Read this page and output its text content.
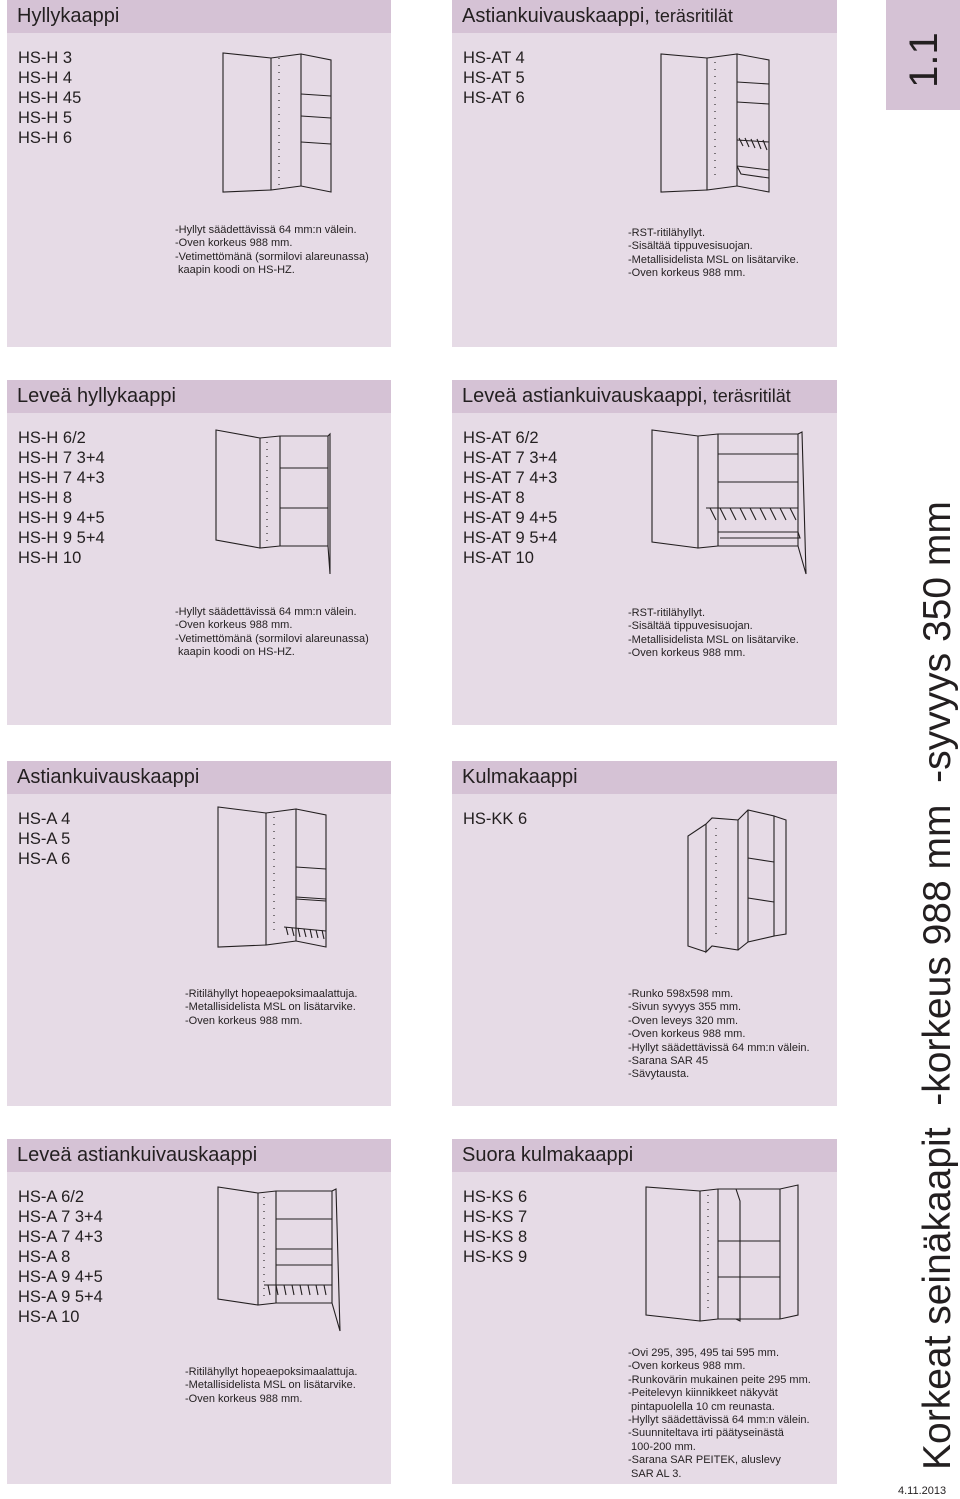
Hyllykaappi
HS-H 3
HS-H 4
HS-H 45
HS-H 5
HS-H 6
-Hyllyt säädettävissä 64 mm:n välein.
-Oven korkeus 988 mm.
-Vetimettömänä (sormilovi alareunassa)
kaapin koodi on HS-HZ.
Astiankuivauskaappi, teräsritilät
HS-AT 4
HS-AT 5
HS-AT 6
-RST-ritilähyllyt.
-Sisältää tippuvesisuojan.
-Metallisidelista MSL on lisätarvike.
-Oven korkeus 988 mm.
Leveä hyllykaappi
HS-H 6/2
HS-H 7 3+4
HS-H 7 4+3
HS-H 8
HS-H 9 4+5
HS-H 9 5+4
HS-H 10
-Hyllyt säädettävissä 64 mm:n välein.
-Oven korkeus 988 mm.
-Vetimettömänä (sormilovi alareunassa)
kaapin koodi on HS-HZ.
Leveä astiankuivauskaappi, teräsritilät
HS-AT 6/2
HS-AT 7 3+4
HS-AT 7 4+3
HS-AT 8
HS-AT 9 4+5
HS-AT 9 5+4
HS-AT 10
-RST-ritilähyllyt.
-Sisältää tippuvesisuojan.
-Metallisidelista MSL on lisätarvike.
-Oven korkeus 988 mm.
Astiankuivauskaappi
HS-A 4
HS-A 5
HS-A 6
-Ritilähyllyt hopeaepoksimaalattuja.
-Metallisidelista MSL on lisätarvike.
-Oven korkeus 988 mm.
Kulmakaappi
HS-KK 6
-Runko 598x598 mm.
-Sivun syvyys 355 mm.
-Oven leveys 320 mm.
-Oven korkeus 988 mm.
-Hyllyt säädettävissä 64 mm:n välein.
-Sarana SAR 45
-Sävytausta.
Leveä astiankuivauskaappi
HS-A 6/2
HS-A 7 3+4
HS-A 7 4+3
HS-A 8
HS-A 9 4+5
HS-A 9 5+4
HS-A 10
-Ritilähyllyt hopeaepoksimaalattuja.
-Metallisidelista MSL on lisätarvike.
-Oven korkeus 988 mm.
Suora kulmakaappi
HS-KS 6
HS-KS 7
HS-KS 8
HS-KS 9
-Ovi 295, 395, 495 tai 595 mm.
-Oven korkeus 988 mm.
-Runkovärin mukainen peite 295 mm.
-Peitelevyn kiinnikkeet näkyvät
pintapuolella 10 cm reunasta.
-Hyllyt säädettävissä 64 mm:n välein.
-Suunniteltava irti päätyseinästä
100-200 mm.
-Sarana SAR PEITEK, aluslevy
SAR AL 3.
1.1
Korkeat seinäkaapit  -korkeus 988 mm  -syvyys 350 mm
4.11.2013
